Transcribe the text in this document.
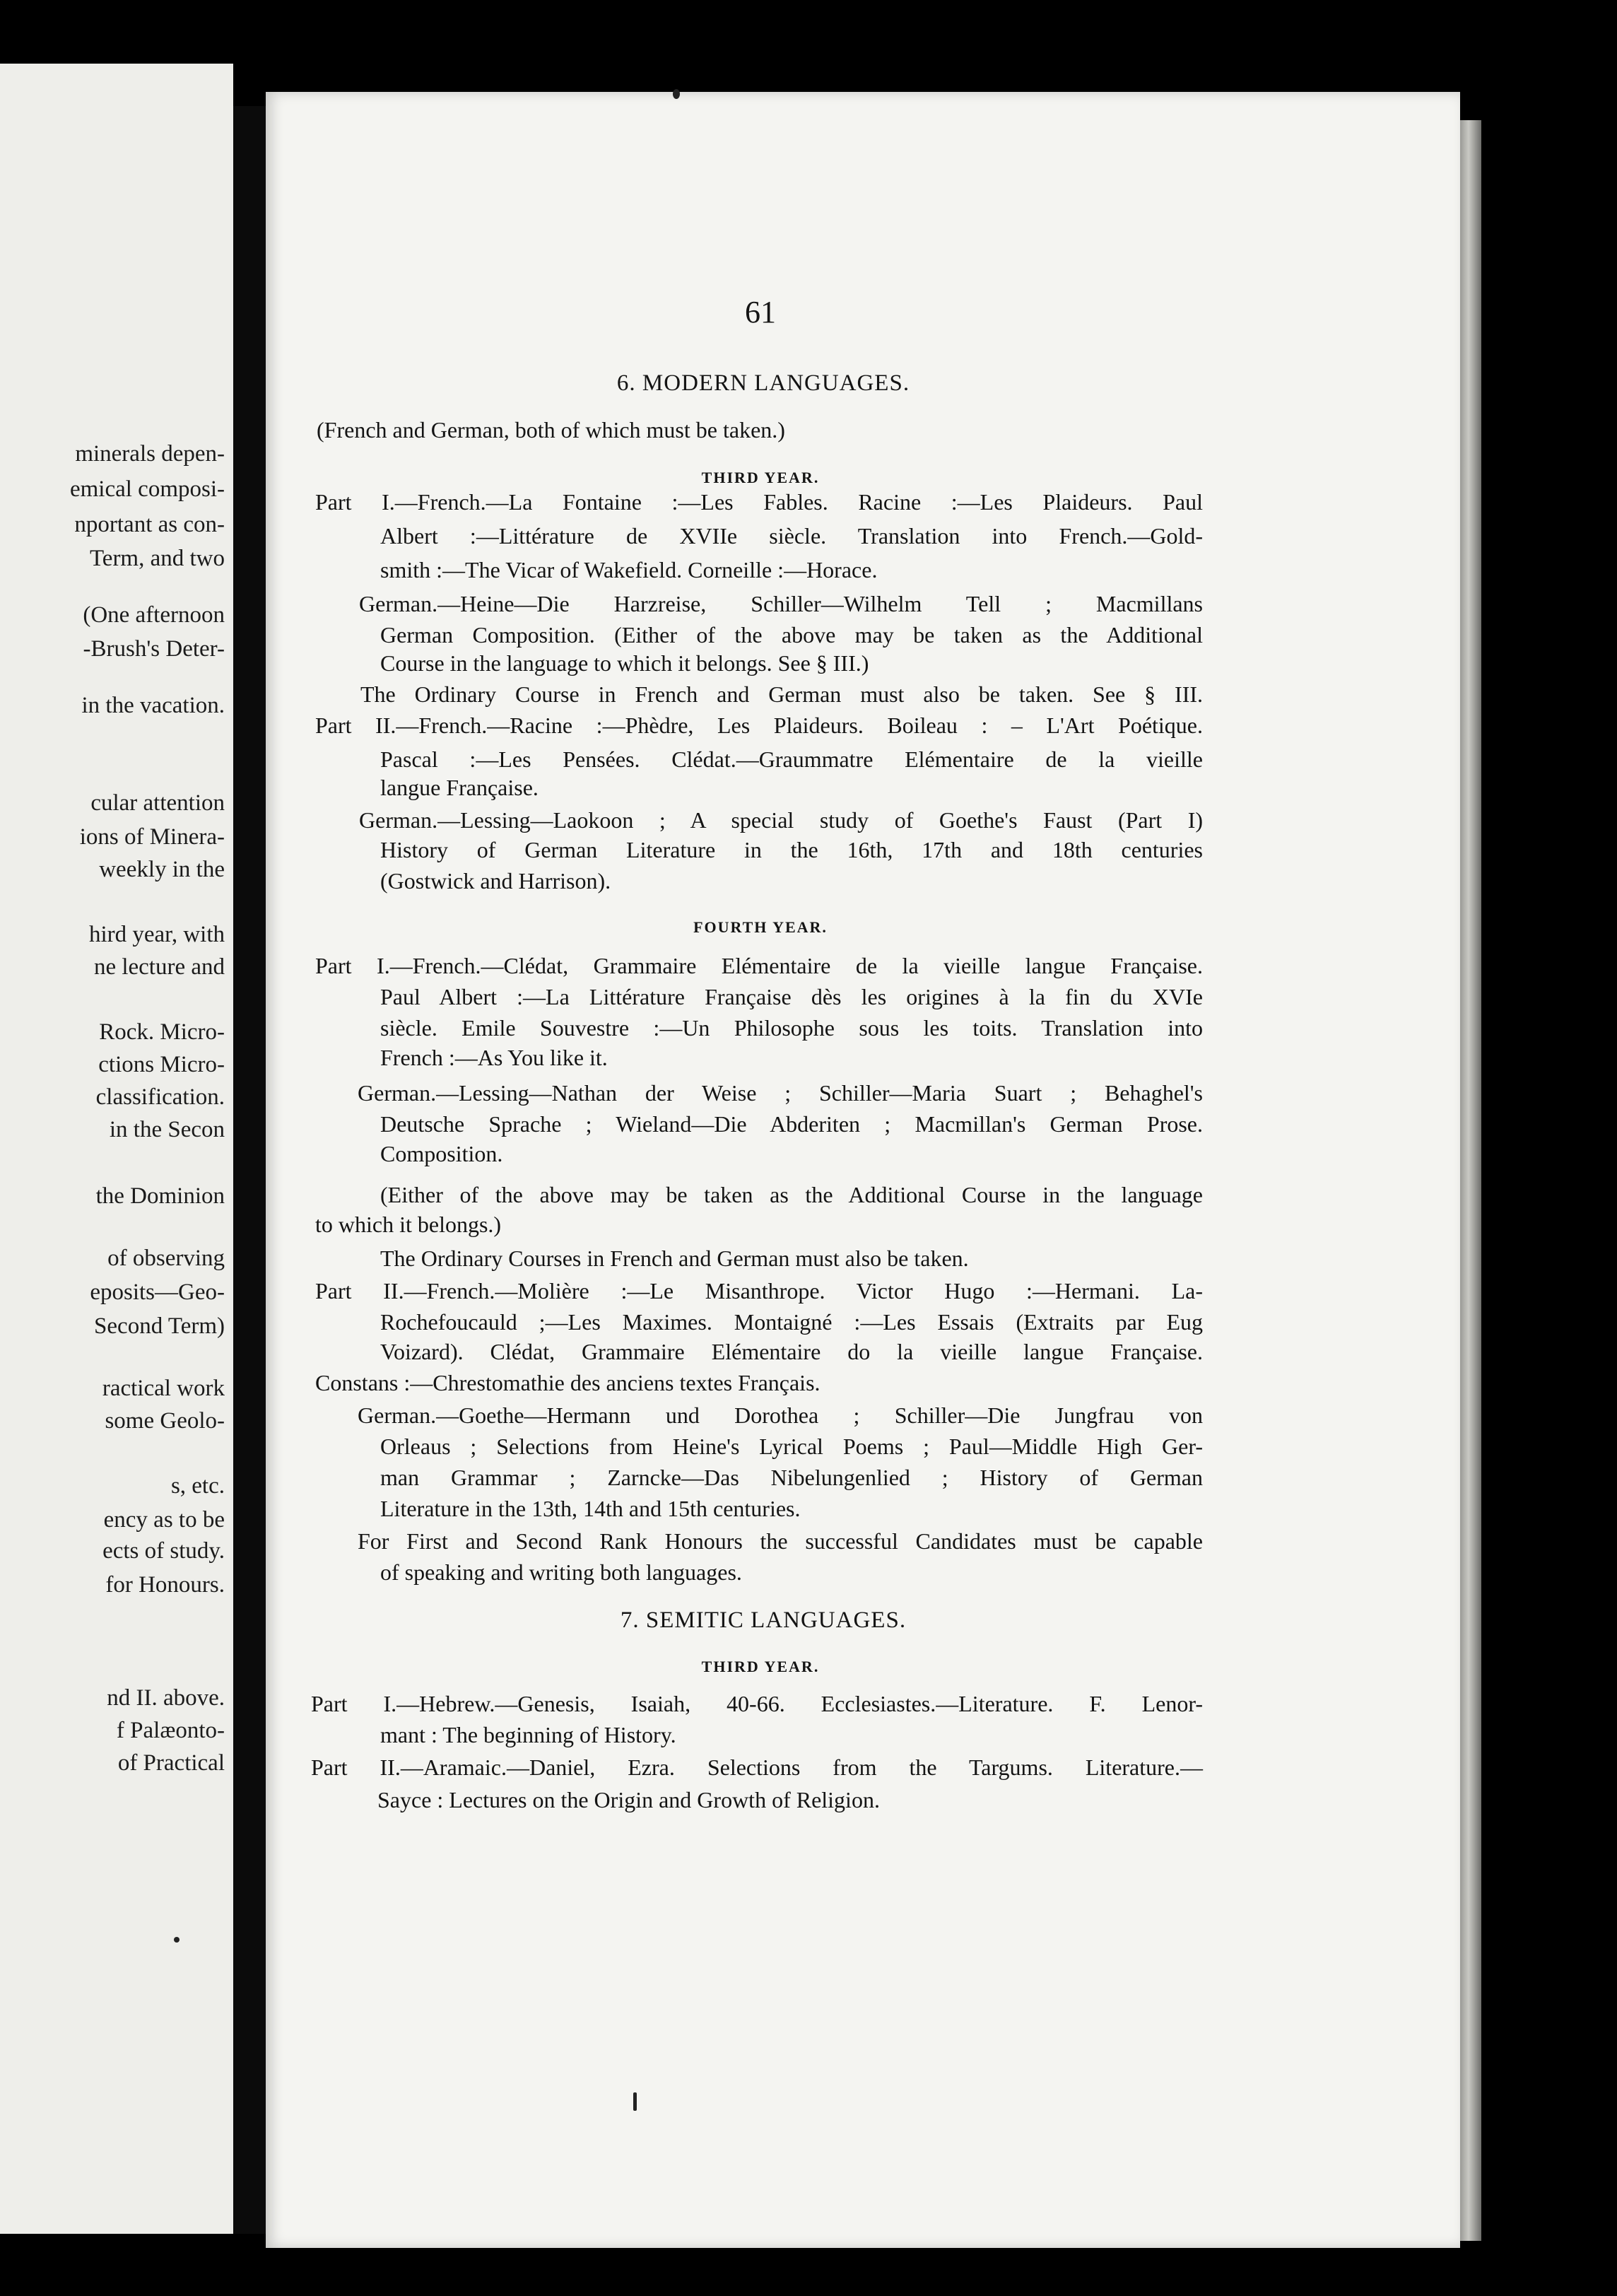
minerals depen-
emical composi-
nportant as con-
Term, and two
(One afternoon
-Brush's Deter-
in the vacation.
cular attention
ions of Minera-
weekly in the
hird year, with
ne lecture and
Rock. Micro-
ctions Micro-
classification.
in the Secon
the Dominion
of observing
eposits—Geo-
Second Term)
ractical work
some Geolo-
s, etc.
ency as to be
ects of study.
for Honours.
nd II. above.
f Palæonto-
of Practical
61
6. MODERN LANGUAGES.
(French and German, both of which must be taken.)
THIRD YEAR.
Part I.—French.—La Fontaine :—Les Fables. Racine :—Les Plaideurs. Paul
Albert :—Littérature de XVIIe siècle. Translation into French.—Gold-
smith :—The Vicar of Wakefield. Corneille :—Horace.
German.—Heine—Die Harzreise, Schiller—Wilhelm Tell ; Macmillans
German Composition. (Either of the above may be taken as the Additional
Course in the language to which it belongs. See § III.)
The Ordinary Course in French and German must also be taken. See § III.
Part II.—French.—Racine :—Phèdre, Les Plaideurs. Boileau : – L'Art Poétique.
Pascal :—Les Pensées. Clédat.—Graummatre Elémentaire de la vieille
langue Française.
German.—Lessing—Laokoon ; A special study of Goethe's Faust (Part I)
History of German Literature in the 16th, 17th and 18th centuries
(Gostwick and Harrison).
FOURTH YEAR.
Part I.—French.—Clédat, Grammaire Elémentaire de la vieille langue Française.
Paul Albert :—La Littérature Française dès les origines à la fin du XVIe
siècle. Emile Souvestre :—Un Philosophe sous les toits. Translation into
French :—As You like it.
German.—Lessing—Nathan der Weise ; Schiller—Maria Suart ; Behaghel's
Deutsche Sprache ; Wieland—Die Abderiten ; Macmillan's German Prose.
Composition.
(Either of the above may be taken as the Additional Course in the language
to which it belongs.)
The Ordinary Courses in French and German must also be taken.
Part II.—French.—Molière :—Le Misanthrope. Victor Hugo :—Hermani. La-
Rochefoucauld ;—Les Maximes. Montaigné :—Les Essais (Extraits par Eug
Voizard). Clédat, Grammaire Elémentaire do la vieille langue Française.
Constans :—Chrestomathie des anciens textes Français.
German.—Goethe—Hermann und Dorothea ; Schiller—Die Jungfrau von
Orleaus ; Selections from Heine's Lyrical Poems ; Paul—Middle High Ger-
man Grammar ; Zarncke—Das Nibelungenlied ; History of German
Literature in the 13th, 14th and 15th centuries.
For First and Second Rank Honours the successful Candidates must be capable
of speaking and writing both languages.
7. SEMITIC LANGUAGES.
THIRD YEAR.
Part I.—Hebrew.—Genesis, Isaiah, 40-66. Ecclesiastes.—Literature. F. Lenor-
mant : The beginning of History.
Part II.—Aramaic.—Daniel, Ezra. Selections from the Targums. Literature.—
Sayce : Lectures on the Origin and Growth of Religion.
